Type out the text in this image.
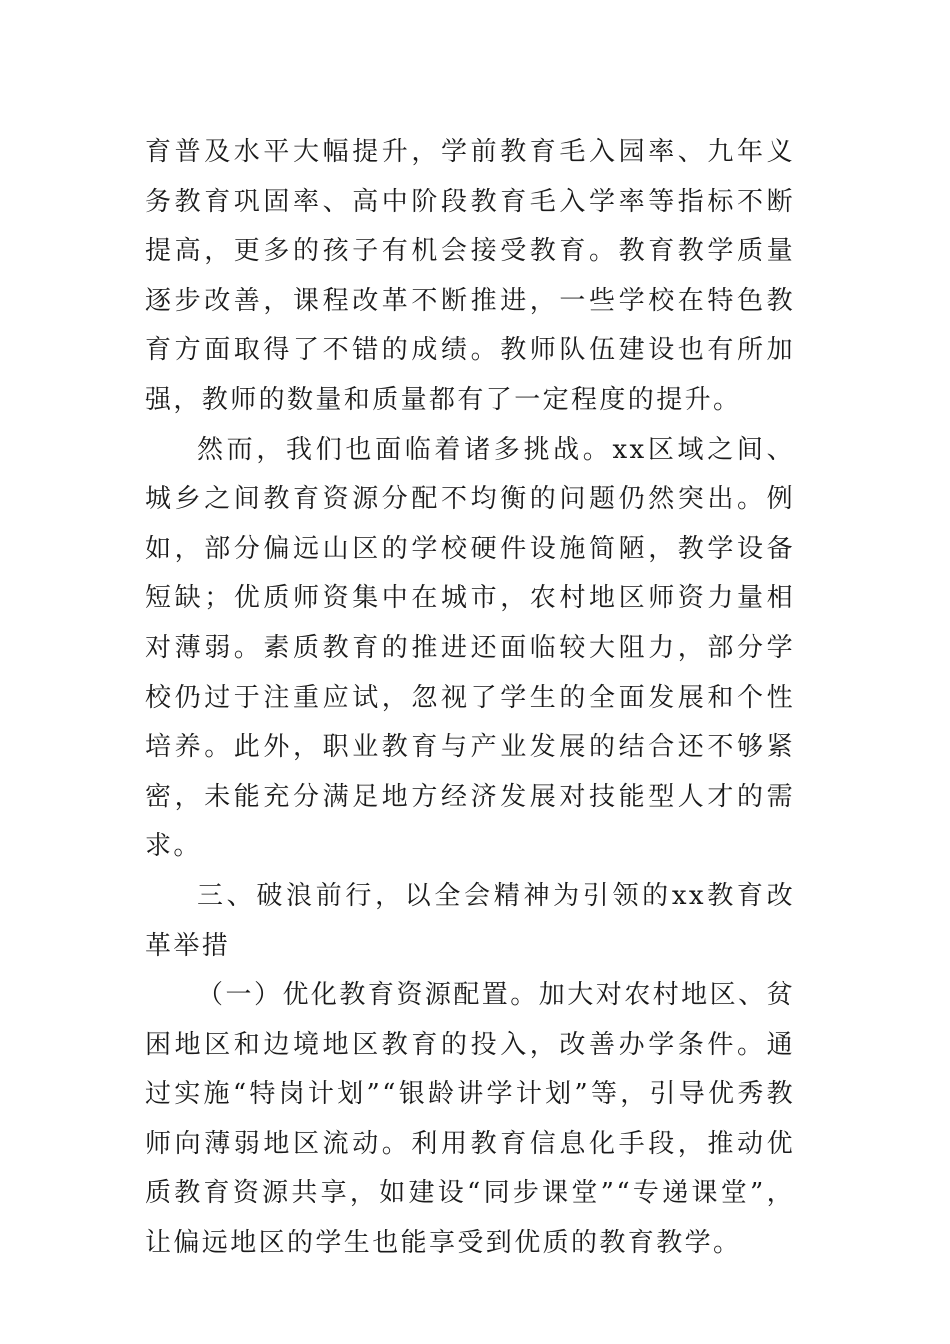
育普及水平大幅提升，学前教育毛入园率、九年义务教育巩固率、高中阶段教育毛入学率等指标不断提高，更多的孩子有机会接受教育。教育教学质量逐步改善，课程改革不断推进，一些学校在特色教育方面取得了不错的成绩。教师队伍建设也有所加强，教师的数量和质量都有了一定程度的提升。

然而，我们也面临着诸多挑战。xx区域之间、城乡之间教育资源分配不均衡的问题仍然突出。例如，部分偏远山区的学校硬件设施简陋，教学设备短缺；优质师资集中在城市，农村地区师资力量相对薄弱。素质教育的推进还面临较大阻力，部分学校仍过于注重应试，忽视了学生的全面发展和个性培养。此外，职业教育与产业发展的结合还不够紧密，未能充分满足地方经济发展对技能型人才的需求。

三、破浪前行，以全会精神为引领的xx教育改革举措

（一）优化教育资源配置。加大对农村地区、贫困地区和边境地区教育的投入，改善办学条件。通过实施“特岗计划”“银龄讲学计划”等，引导优秀教师向薄弱地区流动。利用教育信息化手段，推动优质教育资源共享，如建设“同步课堂”“专递课堂”，让偏远地区的学生也能享受到优质的教育教学。
